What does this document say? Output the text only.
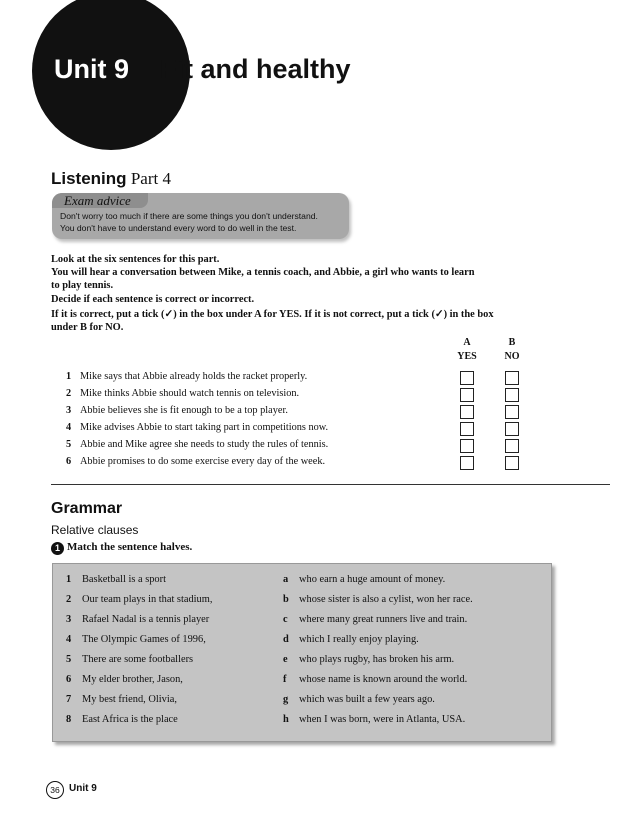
Unit 9 Fit and healthy
Listening Part 4
Exam advice
Don't worry too much if there are some things you don't understand.
You don't have to understand every word to do well in the test.
Look at the six sentences for this part.
You will hear a conversation between Mike, a tennis coach, and Abbie, a girl who wants to learn
to play tennis.
Decide if each sentence is correct or incorrect.
If it is correct, put a tick (✓) in the box under A for YES. If it is not correct, put a tick (✓) in the box
under B for NO.
A	B
YES	NO
1 Mike says that Abbie already holds the racket properly.
2 Mike thinks Abbie should watch tennis on television.
3 Abbie believes she is fit enough to be a top player.
4 Mike advises Abbie to start taking part in competitions now.
5 Abbie and Mike agree she needs to study the rules of tennis.
6 Abbie promises to do some exercise every day of the week.
Grammar
Relative clauses
1 Match the sentence halves.
1 Basketball is a sport
2 Our team plays in that stadium,
3 Rafael Nadal is a tennis player
4 The Olympic Games of 1996,
5 There are some footballers
6 My elder brother, Jason,
7 My best friend, Olivia,
8 East Africa is the place
a who earn a huge amount of money.
b whose sister is also a cylist, won her race.
c where many great runners live and train.
d which I really enjoy playing.
e who plays rugby, has broken his arm.
f whose name is known around the world.
g which was built a few years ago.
h when I was born, were in Atlanta, USA.
36 Unit 9
